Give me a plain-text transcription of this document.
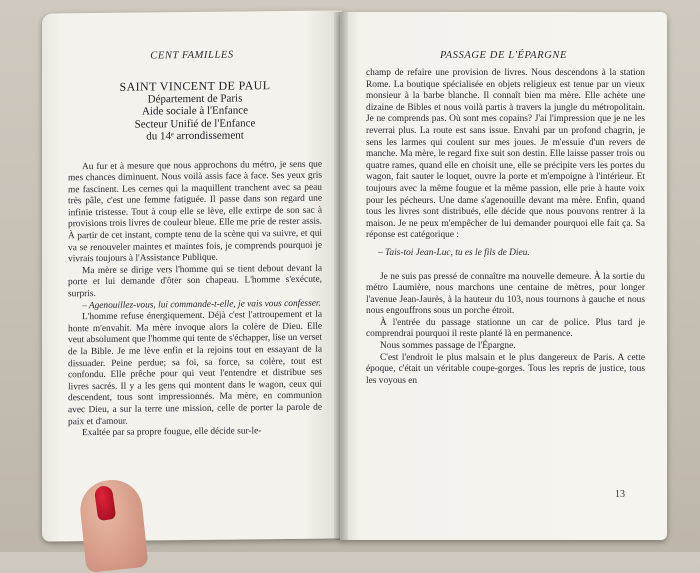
CENT FAMILLES
SAINT VINCENT DE PAUL
Département de Paris
Aide sociale à l'Enfance
Secteur Unifié de l'Enfance
du 14ᵉ arrondissement

Au fur et à mesure que nous approchons du métro, je sens que mes chances diminuent. Nous voilà assis face à face. Ses yeux gris me fascinent. Les cernes qui la maquillent tranchent avec sa peau très pâle, c'est une femme fatiguée. Il passe dans son regard une infinie tristesse. Tout à coup elle se lève, elle extirpe de son sac à provisions trois livres de couleur bleue. Elle me prie de rester assis. À partir de cet instant, compte tenu de la scène qui va suivre, et qui va se renouveler maintes et maintes fois, je comprends pourquoi je vivrais toujours à l'Assistance Publique.

Ma mère se dirige vers l'homme qui se tient debout devant la porte et lui demande d'ôter son chapeau. L'homme s'exécute, surpris.

– Agenouillez-vous, lui commande-t-elle, je vais vous confesser.

L'homme refuse énergiquement. Déjà c'est l'attroupement et la honte m'envahit. Ma mère invoque alors la colère de Dieu. Elle veut absolument que l'homme qui tente de s'échapper, lise un verset de la Bible. Je me lève enfin et la rejoins tout en essayant de la dissuader. Peine perdue; sa foi, sa force, sa colère, tout est confondu. Elle prêche pour qui veut l'entendre et distribue ses livres sacrés. Il y a les gens qui montent dans le wagon, ceux qui descendent, tous sont impressionnés. Ma mère, en communion avec Dieu, a sur la terre une mission, celle de porter la parole de paix et d'amour.

Exaltée par sa propre fougue, elle décide sur-le-

PASSAGE DE L'ÉPARGNE

champ de refaire une provision de livres. Nous descendons à la station Rome. La boutique spécialisée en objets religieux est tenue par un vieux monsieur à la barbe blanche. Il connaît bien ma mère. Elle achète une dizaine de Bibles et nous voilà partis à travers la jungle du métropolitain. Je ne comprends pas. Où sont mes copains? J'ai l'impression que je ne les reverrai plus. La route est sans issue. Envahi par un profond chagrin, je sens les larmes qui coulent sur mes joues. Je m'essuie d'un revers de manche. Ma mère, le regard fixe suit son destin. Elle laisse passer trois ou quatre rames, quand elle en choisit une, elle se précipite vers les portes du wagon, fait sauter le loquet, ouvre la porte et m'empoigne à l'intérieur. Et toujours avec la même fougue et la même passion, elle prie à haute voix pour les pécheurs. Une dame s'agenouille devant ma mère. Enfin, quand tous les livres sont distribués, elle décide que nous pouvons rentrer à la maison. Je ne peux m'empêcher de lui demander pourquoi elle fait ça. Sa réponse est catégorique :

– Tais-toi Jean-Luc, tu es le fils de Dieu.

Je ne suis pas pressé de connaître ma nouvelle demeure. À la sortie du métro Laumière, nous marchons une centaine de mètres, pour longer l'avenue Jean-Jaurès, à la hauteur du 103, nous tournons à gauche et nous nous engouffrons sous un porche étroit.

À l'entrée du passage stationne un car de police. Plus tard je comprendrai pourquoi il reste planté là en permanence.

Nous sommes passage de l'Épargne.

C'est l'endroit le plus malsain et le plus dangereux de Paris. A cette époque, c'était un véritable coupe-gorges. Tous les repris de justice, tous les voyous en

13
